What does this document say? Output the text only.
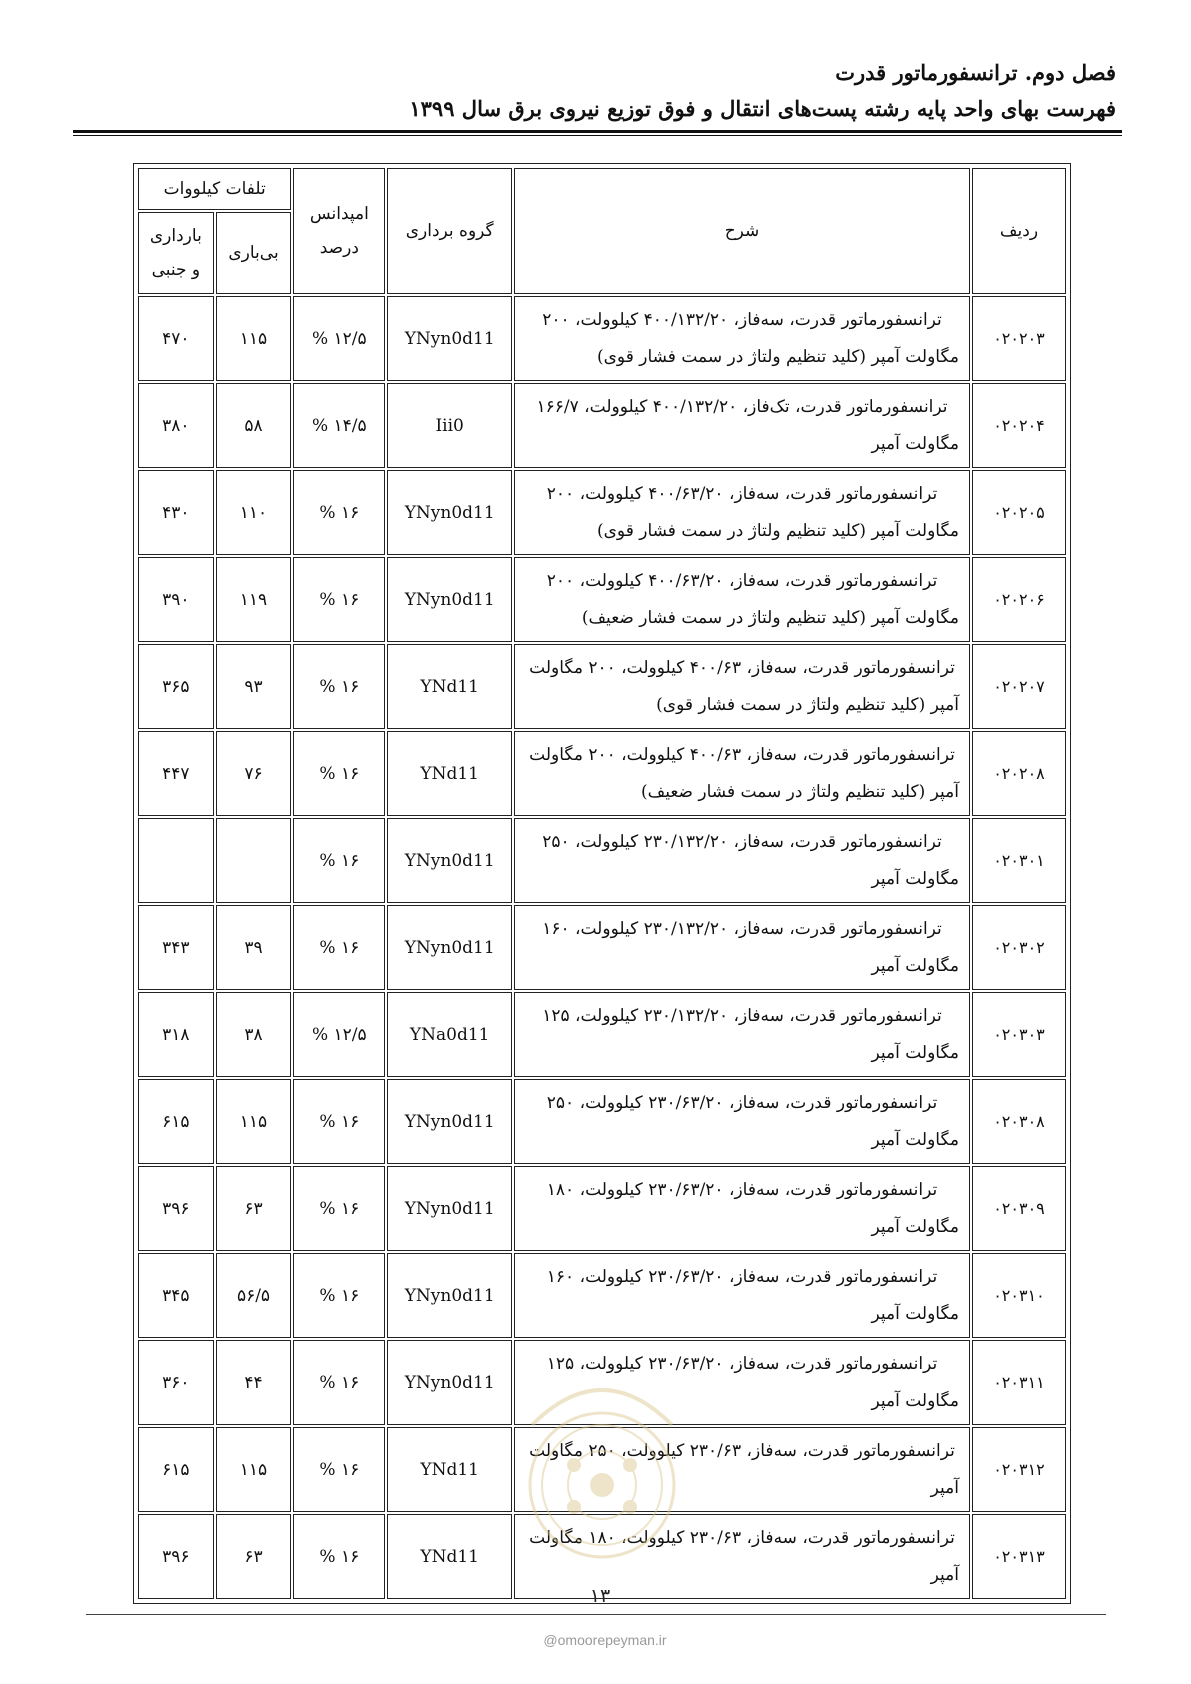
فصل دوم. ترانسفورماتور قدرت
فهرست بهای واحد پایه رشته پست‌های انتقال و فوق توزیع نیروی برق سال ۱۳۹۹
ردیف	شرح	گروه برداری	امپدانس درصد	تلفات کیلووات	
				بی‌باری	بارداری و جنبی
۰۲۰۲۰۳	ترانسفورماتور قدرت، سه‌فاز، ۴۰۰/۱۳۲/۲۰ کیلوولت، ۲۰۰ مگاولت آمپر (کلید تنظیم ولتاژ در سمت فشار قوی)	YNyn0d11	۱۲/۵ %	۱۱۵	۴۷۰
۰۲۰۲۰۴	ترانسفورماتور قدرت، تک‌فاز، ۴۰۰/۱۳۲/۲۰ کیلوولت، ۱۶۶/۷ مگاولت آمپر	Iii0	۱۴/۵ %	۵۸	۳۸۰
۰۲۰۲۰۵	ترانسفورماتور قدرت، سه‌فاز، ۴۰۰/۶۳/۲۰ کیلوولت، ۲۰۰ مگاولت آمپر (کلید تنظیم ولتاژ در سمت فشار قوی)	YNyn0d11	۱۶ %	۱۱۰	۴۳۰
۰۲۰۲۰۶	ترانسفورماتور قدرت، سه‌فاز، ۴۰۰/۶۳/۲۰ کیلوولت، ۲۰۰ مگاولت آمپر (کلید تنظیم ولتاژ در سمت فشار ضعیف)	YNyn0d11	۱۶ %	۱۱۹	۳۹۰
۰۲۰۲۰۷	ترانسفورماتور قدرت، سه‌فاز، ۴۰۰/۶۳ کیلوولت، ۲۰۰ مگاولت آمپر (کلید تنظیم ولتاژ در سمت فشار قوی)	YNd11	۱۶ %	۹۳	۳۶۵
۰۲۰۲۰۸	ترانسفورماتور قدرت، سه‌فاز، ۴۰۰/۶۳ کیلوولت، ۲۰۰ مگاولت آمپر (کلید تنظیم ولتاژ در سمت فشار ضعیف)	YNd11	۱۶ %	۷۶	۴۴۷
۰۲۰۳۰۱	ترانسفورماتور قدرت، سه‌فاز، ۲۳۰/۱۳۲/۲۰ کیلوولت، ۲۵۰ مگاولت آمپر	YNyn0d11	۱۶ %		
۰۲۰۳۰۲	ترانسفورماتور قدرت، سه‌فاز، ۲۳۰/۱۳۲/۲۰ کیلوولت، ۱۶۰ مگاولت آمپر	YNyn0d11	۱۶ %	۳۹	۳۴۳
۰۲۰۳۰۳	ترانسفورماتور قدرت، سه‌فاز، ۲۳۰/۱۳۲/۲۰ کیلوولت، ۱۲۵ مگاولت آمپر	YNa0d11	۱۲/۵ %	۳۸	۳۱۸
۰۲۰۳۰۸	ترانسفورماتور قدرت، سه‌فاز، ۲۳۰/۶۳/۲۰ کیلوولت، ۲۵۰ مگاولت آمپر	YNyn0d11	۱۶ %	۱۱۵	۶۱۵
۰۲۰۳۰۹	ترانسفورماتور قدرت، سه‌فاز، ۲۳۰/۶۳/۲۰ کیلوولت، ۱۸۰ مگاولت آمپر	YNyn0d11	۱۶ %	۶۳	۳۹۶
۰۲۰۳۱۰	ترانسفورماتور قدرت، سه‌فاز، ۲۳۰/۶۳/۲۰ کیلوولت، ۱۶۰ مگاولت آمپر	YNyn0d11	۱۶ %	۵۶/۵	۳۴۵
۰۲۰۳۱۱	ترانسفورماتور قدرت، سه‌فاز، ۲۳۰/۶۳/۲۰ کیلوولت، ۱۲۵ مگاولت آمپر	YNyn0d11	۱۶ %	۴۴	۳۶۰
۰۲۰۳۱۲	ترانسفورماتور قدرت، سه‌فاز، ۲۳۰/۶۳ کیلوولت، ۲۵۰ مگاولت آمپر	YNd11	۱۶ %	۱۱۵	۶۱۵
۰۲۰۳۱۳	ترانسفورماتور قدرت، سه‌فاز، ۲۳۰/۶۳ کیلوولت، ۱۸۰ مگاولت آمپر	YNd11	۱۶ %	۶۳	۳۹۶
۱۳
@omoorepeyman.ir
